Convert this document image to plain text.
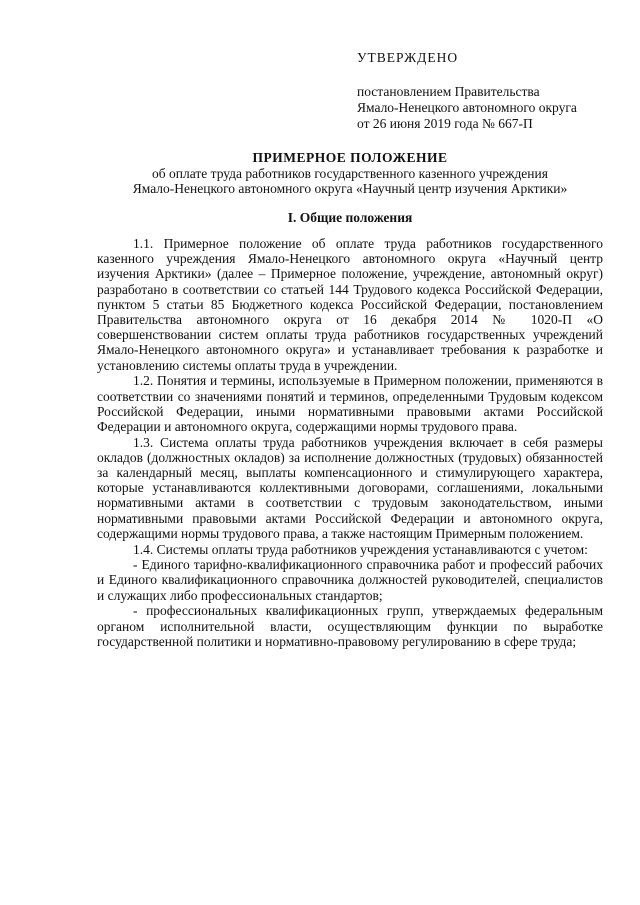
УТВЕРЖДЕНО
постановлением Правительства
Ямало-Ненецкого автономного округа
от 26 июня 2019 года № 667-П
ПРИМЕРНОЕ ПОЛОЖЕНИЕ
об оплате труда работников государственного казенного учреждения
Ямало-Ненецкого автономного округа «Научный центр изучения Арктики»
I. Общие положения

1.1. Примерное положение об оплате труда работников государственного казенного учреждения Ямало-Ненецкого автономного округа «Научный центр изучения Арктики» (далее – Примерное положение, учреждение, автономный округ) разработано в соответствии со статьей 144 Трудового кодекса Российской Федерации, пунктом 5 статьи 85 Бюджетного кодекса Российской Федерации, постановлением Правительства автономного округа от 16 декабря 2014 № 1020-П «О совершенствовании систем оплаты труда работников государственных учреждений Ямало-Ненецкого автономного округа» и устанавливает требования к разработке и установлению системы оплаты труда в учреждении.

1.2. Понятия и термины, используемые в Примерном положении, применяются в соответствии со значениями понятий и терминов, определенными Трудовым кодексом Российской Федерации, иными нормативными правовыми актами Российской Федерации и автономного округа, содержащими нормы трудового права.

1.3. Система оплаты труда работников учреждения включает в себя размеры окладов (должностных окладов) за исполнение должностных (трудовых) обязанностей за календарный месяц, выплаты компенсационного и стимулирующего характера, которые устанавливаются коллективными договорами, соглашениями, локальными нормативными актами в соответствии с трудовым законодательством, иными нормативными правовыми актами Российской Федерации и автономного округа, содержащими нормы трудового права, а также настоящим Примерным положением.

1.4. Системы оплаты труда работников учреждения устанавливаются с учетом:

- Единого тарифно-квалификационного справочника работ и профессий рабочих и Единого квалификационного справочника должностей руководителей, специалистов и служащих либо профессиональных стандартов;

- профессиональных квалификационных групп, утверждаемых федеральным органом исполнительной власти, осуществляющим функции по выработке государственной политики и нормативно-правовому регулированию в сфере труда;
